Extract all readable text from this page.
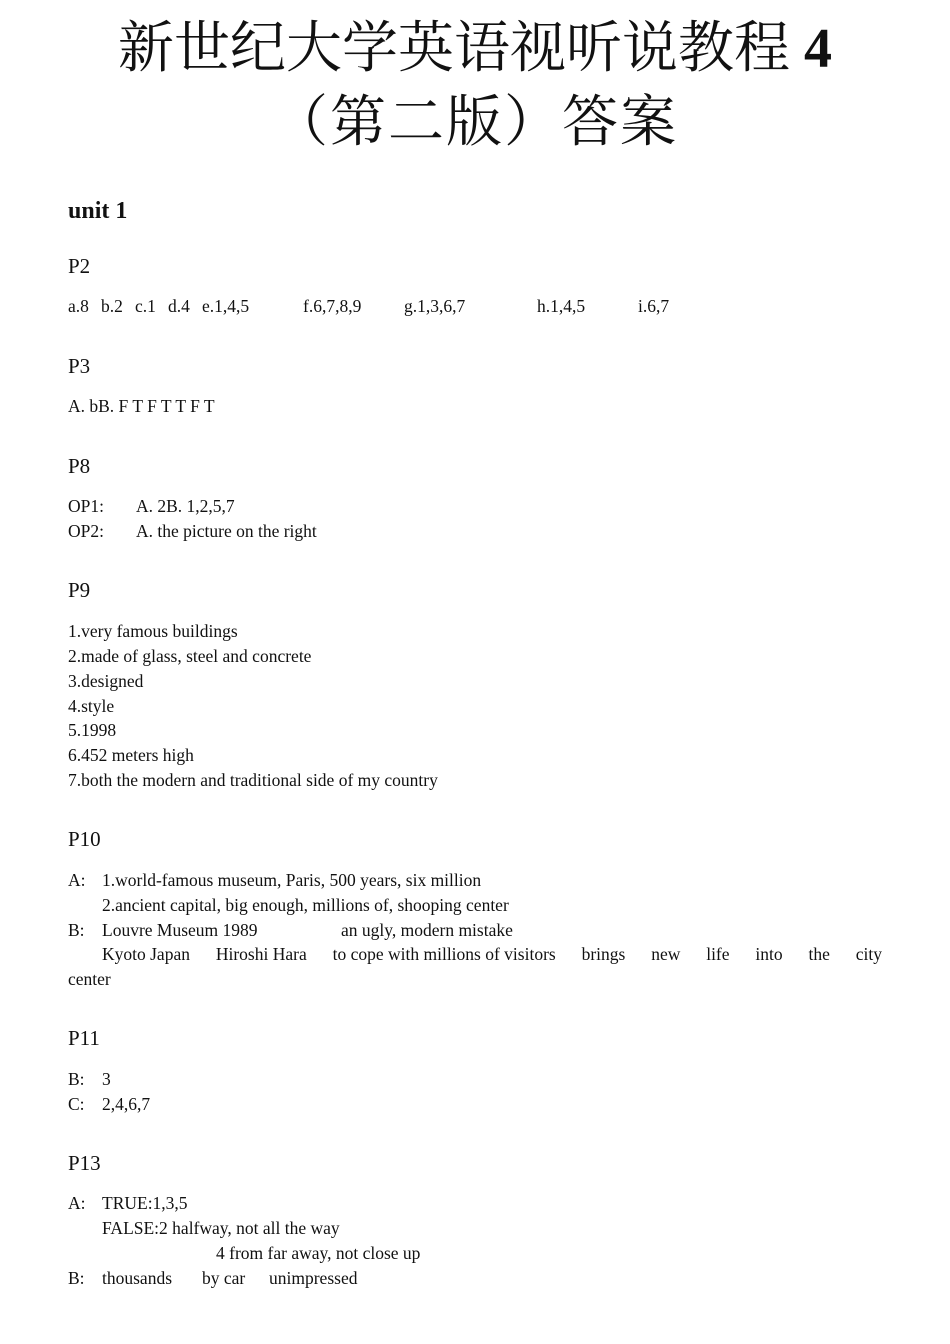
新世纪大学英语视听说教程 4
（第二版）答案
unit 1
P2
a.8 b.2 c.1 d.4 e.1,4,5	f.6,7,8,9 g.1,3,6,7	h.1,4,5	i.6,7
P3
A. bB. F T F T T F T
P8
OP1: A. 2B. 1,2,5,7
OP2: A. the picture on the right
P9
1.very famous buildings
2.made of glass, steel and concrete
3.designed
4.style
5.1998
6.452 meters high
7.both the modern and traditional side of my country
P10
A: 1.world-famous museum, Paris, 500 years, six million
2.ancient capital, big enough, millions of, shooping center
B: Louvre Museum 1989	an ugly, modern mistake
Kyoto Japan Hiroshi Hara to cope with millions of visitors brings new life into the city
center
P11
B: 3
C: 2,4,6,7
P13
A: TRUE:1,3,5
FALSE:2 halfway, not all the way
4 from far away, not close up
B: thousands by car unimpressed
